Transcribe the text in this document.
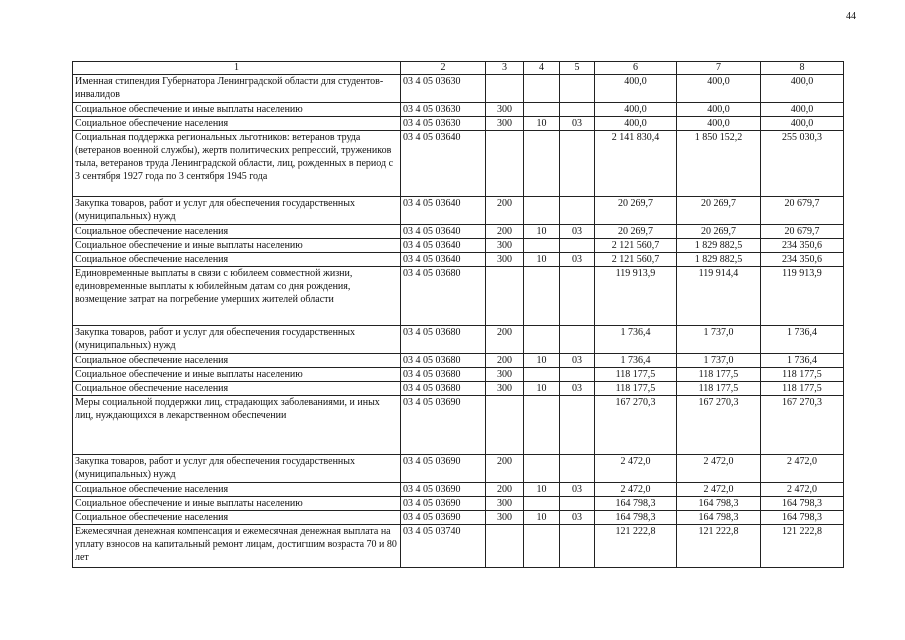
44
1	2	3	4	5	6	7	8
Именная стипендия Губернатора Ленинградской области для студентов-инвалидов	03 4 05 03630				400,0	400,0	400,0
Социальное обеспечение и иные выплаты населению	03 4 05 03630	300			400,0	400,0	400,0
Социальное обеспечение населения	03 4 05 03630	300	10	03	400,0	400,0	400,0
Социальная поддержка региональных льготников: ветеранов труда (ветеранов военной службы), жертв политических репрессий, тружеников тыла, ветеранов труда Ленинградской области, лиц, рожденных в период с 3 сентября 1927 года по 3 сентября 1945 года	03 4 05 03640				2 141 830,4	1 850 152,2	255 030,3
Закупка товаров, работ и услуг для обеспечения государственных (муниципальных) нужд	03 4 05 03640	200			20 269,7	20 269,7	20 679,7
Социальное обеспечение населения	03 4 05 03640	200	10	03	20 269,7	20 269,7	20 679,7
Социальное обеспечение и иные выплаты населению	03 4 05 03640	300			2 121 560,7	1 829 882,5	234 350,6
Социальное обеспечение населения	03 4 05 03640	300	10	03	2 121 560,7	1 829 882,5	234 350,6
Единовременные выплаты в связи с юбилеем совместной жизни, единовременные выплаты к юбилейным датам со дня рождения, возмещение затрат на погребение умерших жителей области	03 4 05 03680				119 913,9	119 914,4	119 913,9
Закупка товаров, работ и услуг для обеспечения государственных (муниципальных) нужд	03 4 05 03680	200			1 736,4	1 737,0	1 736,4
Социальное обеспечение населения	03 4 05 03680	200	10	03	1 736,4	1 737,0	1 736,4
Социальное обеспечение и иные выплаты населению	03 4 05 03680	300			118 177,5	118 177,5	118 177,5
Социальное обеспечение населения	03 4 05 03680	300	10	03	118 177,5	118 177,5	118 177,5
Меры социальной поддержки лиц, страдающих заболеваниями, и иных лиц, нуждающихся в лекарственном обеспечении	03 4 05 03690				167 270,3	167 270,3	167 270,3
Закупка товаров, работ и услуг для обеспечения государственных (муниципальных) нужд	03 4 05 03690	200			2 472,0	2 472,0	2 472,0
Социальное обеспечение населения	03 4 05 03690	200	10	03	2 472,0	2 472,0	2 472,0
Социальное обеспечение и иные выплаты населению	03 4 05 03690	300			164 798,3	164 798,3	164 798,3
Социальное обеспечение населения	03 4 05 03690	300	10	03	164 798,3	164 798,3	164 798,3
Ежемесячная денежная компенсация и ежемесячная денежная выплата на уплату взносов на капитальный ремонт лицам, достигшим возраста 70 и 80 лет	03 4 05 03740				121 222,8	121 222,8	121 222,8
